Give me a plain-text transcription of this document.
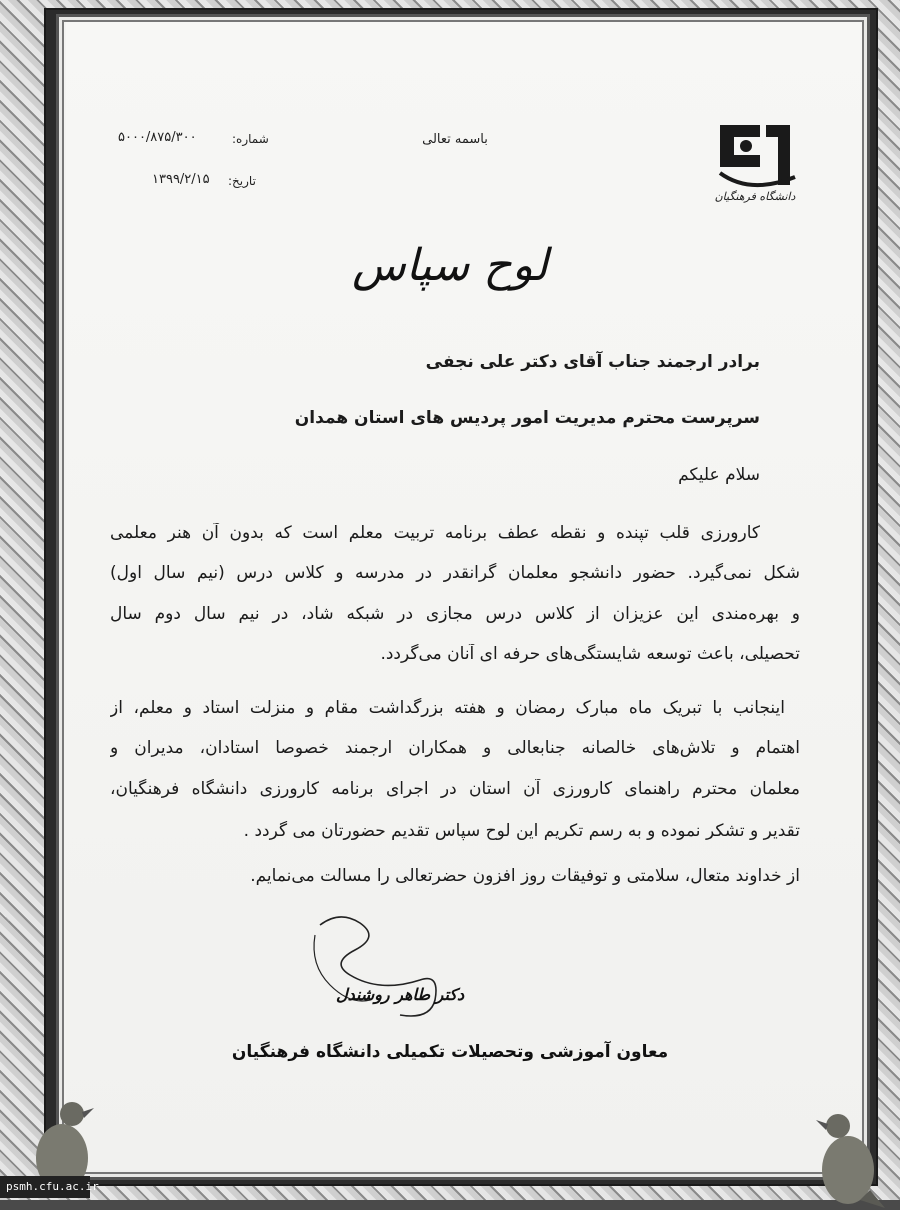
دانشگاه فرهنگیان
باسمه تعالی
شماره:
۵۰۰۰/۸۷۵/۳۰۰
تاریخ:
۱۳۹۹/۲/۱۵
لوح سپاس
برادر ارجمند جناب آقای دکتر علی نجفی
سرپرست محترم مدیریت امور پردیس های استان همدان
سلام علیکم
کارورزی قلب تپنده و نقطه عطف برنامه تربیت معلم است که بدون آن هنر معلمی
شکل نمی‌گیرد. حضور دانشجو معلمان گرانقدر در مدرسه و کلاس درس (نیم سال اول)
و بهره‌مندی این عزیزان از کلاس درس مجازی در شبکه شاد، در نیم سال دوم سال
تحصیلی، باعث توسعه شایستگی‌های حرفه ای آنان می‌گردد.
اینجانب با تبریک ماه مبارک رمضان و هفته بزرگداشت مقام و منزلت استاد و معلم، از
اهتمام و تلاش‌های خالصانه جنابعالی و همکاران ارجمند خصوصا استادان، مدیران و
معلمان محترم راهنمای کارورزی آن استان در اجرای برنامه کارورزی دانشگاه فرهنگیان،
تقدیر و تشکر نموده و به رسم تکریم این لوح سپاس تقدیم حضورتان می گردد .
از خداوند متعال، سلامتی و توفیقات روز افزون حضرتعالی را مسالت می‌نمایم.
دکتر طاهر روشندل
معاون آموزشی وتحصیلات تکمیلی دانشگاه فرهنگیان
psmh.cfu.ac.ir
